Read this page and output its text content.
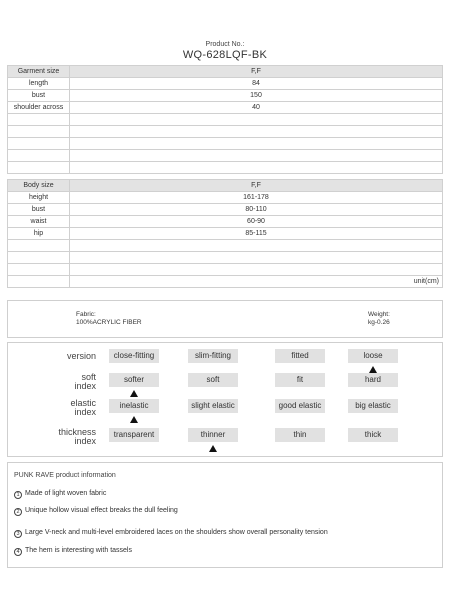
Product No.:
WQ-628LQF-BK
Garment size	F,F
length	84
bust	150
shoulder across	40

Body size	F,F
height	161-178
bust	80-110
waist	60-90
hip	85-115

	unit(cm)
Fabric:
100%ACRYLIC FIBER
Weight:
kg-0.26
version	close-fitting	slim-fitting	fitted	loose
soft
index
softer	soft	fit	hard
elastic
index
inelastic	slight elastic	good elastic	big elastic
thickness
index
transparent	thinner	thin	thick
PUNK RAVE product information
1 Made of light woven fabric
2 Unique hollow visual effect breaks the dull feeling
3 Large V-neck and multi-level embroidered laces on the shoulders show overall personality tension
4 The hem is interesting with tassels
